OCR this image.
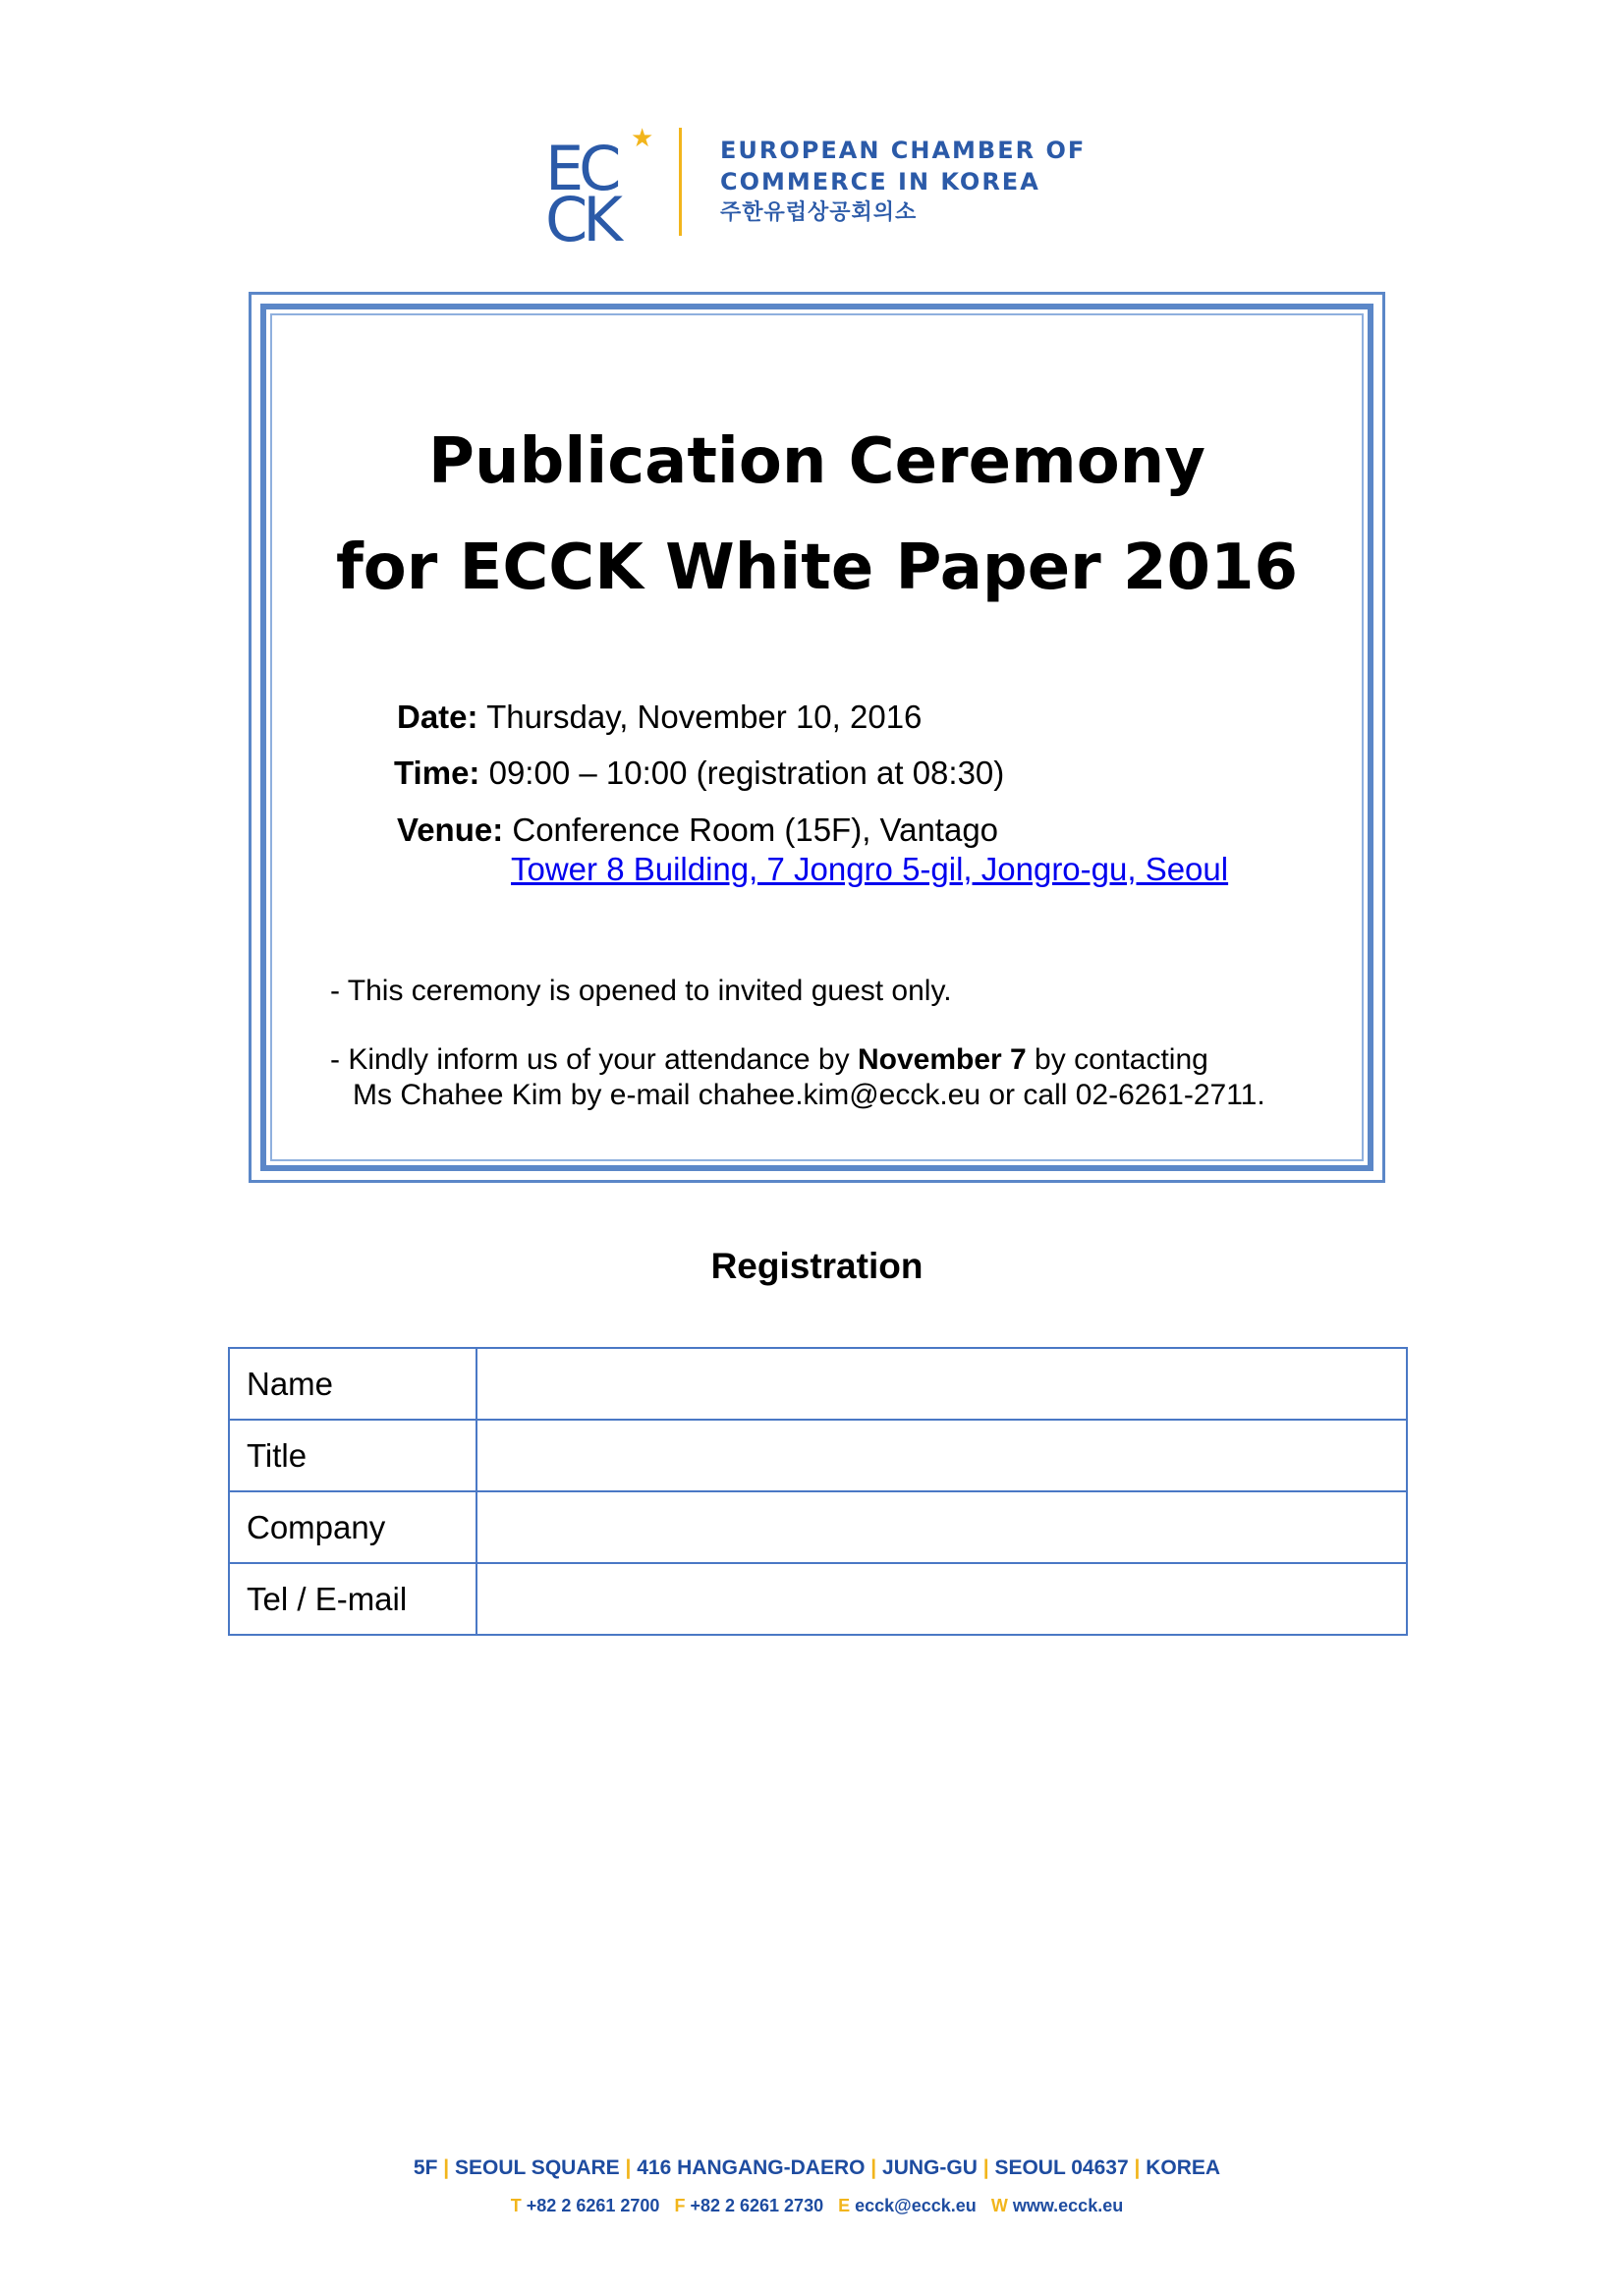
EC
CK
★	EUROPEAN CHAMBER OF
COMMERCE IN KOREA
주한유럽상공회의소
Publication Ceremony
for ECCK White Paper 2016
Date: Thursday, November 10, 2016
Time: 09:00 – 10:00 (registration at 08:30)
Venue: Conference Room (15F), Vantago
Tower 8 Building, 7 Jongro 5-gil, Jongro-gu, Seoul
- This ceremony is opened to invited guest only.
- Kindly inform us of your attendance by November 7 by contacting
Ms Chahee Kim by e-mail chahee.kim@ecck.eu or call 02-6261-2711.
Registration
Name	
Title	
Company	
Tel / E-mail	
5F | SEOUL SQUARE | 416 HANGANG-DAERO | JUNG-GU | SEOUL 04637 | KOREA
T +82 2 6261 2700 F +82 2 6261 2730 E ecck@ecck.eu W www.ecck.eu
